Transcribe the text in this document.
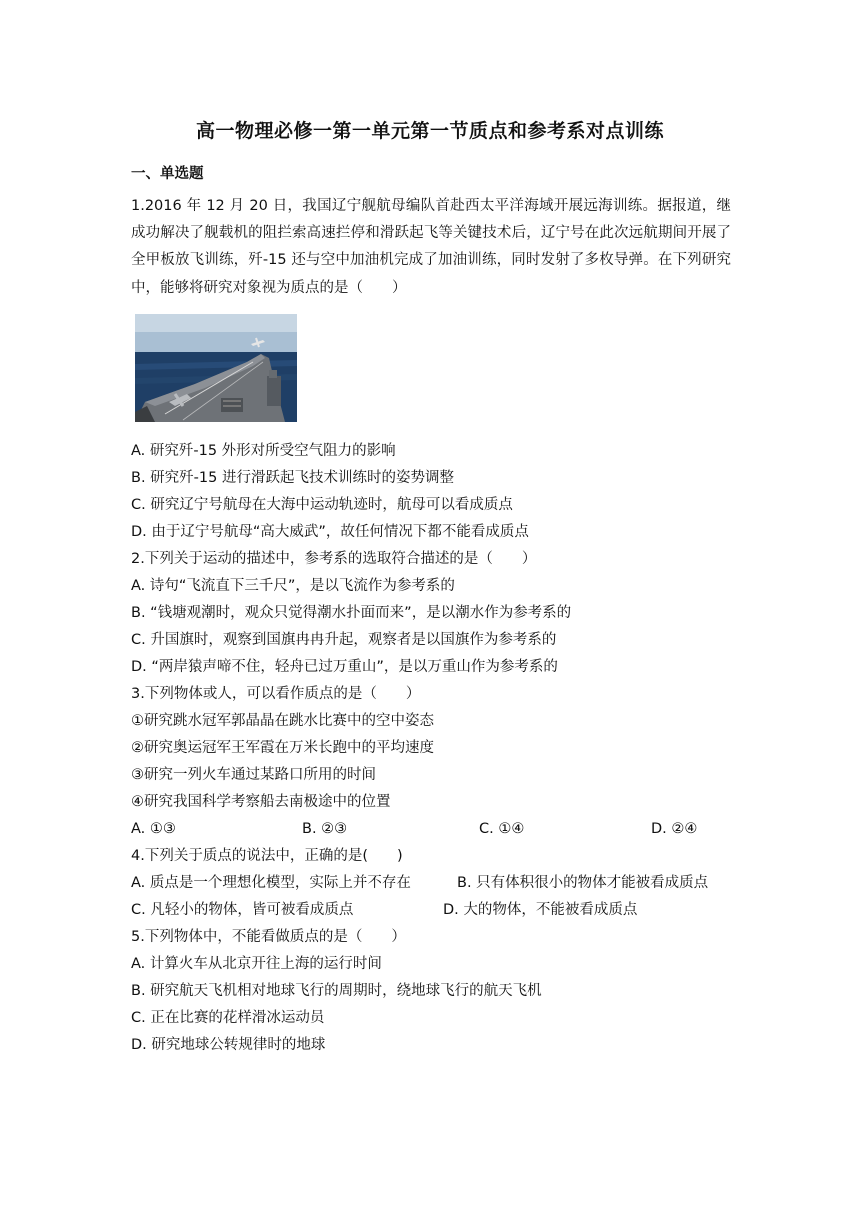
高一物理必修一第一单元第一节质点和参考系对点训练
一、单选题
1.2016 年 12 月 20 日，我国辽宁舰航母编队首赴西太平洋海域开展远海训练。据报道，继成功解决了舰载机的阻拦索高速拦停和滑跃起飞等关键技术后，辽宁号在此次远航期间开展了全甲板放飞训练，歼-15 还与空中加油机完成了加油训练，同时发射了多枚导弹。在下列研究中，能够将研究对象视为质点的是（　　）
A. 研究歼-15 外形对所受空气阻力的影响
B. 研究歼-15 进行滑跃起飞技术训练时的姿势调整
C. 研究辽宁号航母在大海中运动轨迹时，航母可以看成质点
D. 由于辽宁号航母“高大威武”，故任何情况下都不能看成质点
2.下列关于运动的描述中，参考系的选取符合描述的是（　　）
A. 诗句“飞流直下三千尺”，是以飞流作为参考系的
B. “钱塘观潮时，观众只觉得潮水扑面而来”，是以潮水作为参考系的
C. 升国旗时，观察到国旗冉冉升起，观察者是以国旗作为参考系的
D. “两岸猿声啼不住，轻舟已过万重山”，是以万重山作为参考系的
3.下列物体或人，可以看作质点的是（　　）
①研究跳水冠军郭晶晶在跳水比赛中的空中姿态
②研究奥运冠军王军霞在万米长跑中的平均速度
③研究一列火车通过某路口所用的时间
④研究我国科学考察船去南极途中的位置
A. ①③	B. ②③	C. ①④	D. ②④
4.下列关于质点的说法中，正确的是(　　)
A. 质点是一个理想化模型，实际上并不存在	B. 只有体积很小的物体才能被看成质点
C. 凡轻小的物体，皆可被看成质点	D. 大的物体，不能被看成质点
5.下列物体中，不能看做质点的是（　　）
A. 计算火车从北京开往上海的运行时间
B. 研究航天飞机相对地球飞行的周期时，绕地球飞行的航天飞机
C. 正在比赛的花样滑冰运动员
D. 研究地球公转规律时的地球
